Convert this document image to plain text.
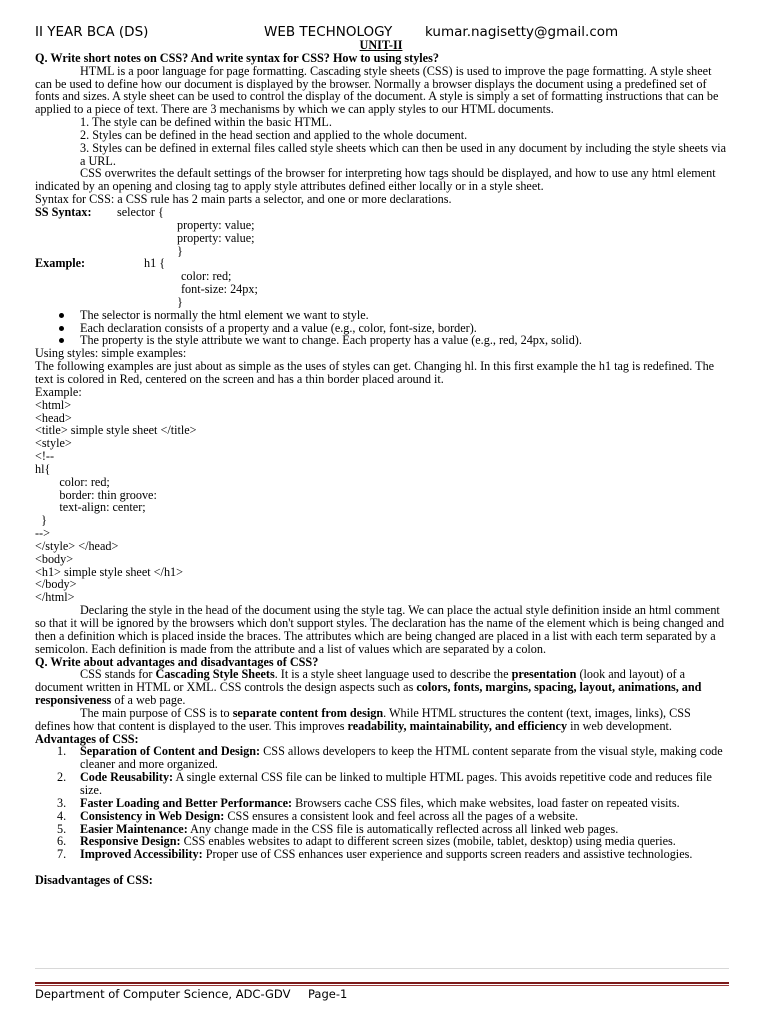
II YEAR BCA (DS)	WEB TECHNOLOGY kumar.nagisetty@gmail.com

UNIT-II

Q. Write short notes on CSS? And write syntax for CSS? How to using styles?

HTML is a poor language for page formatting. Cascading style sheets (CSS) is used to improve the page formatting. A style sheet can be used to define how our document is displayed by the browser. Normally a browser displays the document using a predefined set of fonts and sizes. A style sheet can be used to control the display of the document. A style is simply a set of formatting instructions that can be applied to a piece of text. There are 3 mechanisms by which we can apply styles to our HTML documents.

1. The style can be defined within the basic HTML.

2. Styles can be defined in the head section and applied to the whole document.

3. Styles can be defined in external files called style sheets which can then be used in any document by including the style sheets via a URL.

CSS overwrites the default settings of the browser for interpreting how tags should be displayed, and how to use any html element indicated by an opening and closing tag to apply style attributes defined either locally or in a style sheet.

Syntax for CSS: a CSS rule has 2 main parts a selector, and one or more declarations.

SS Syntax: selector {
property: value;
property: value;
}
Example:	h1 {
color: red;
font-size: 24px;
}
The selector is normally the html element we want to style.
Each declaration consists of a property and a value (e.g., color, font-size, border).
The property is the style attribute we want to change. Each property has a value (e.g., red, 24px, solid).

Using styles: simple examples:

The following examples are just about as simple as the uses of styles can get. Changing hl. In this first example the h1 tag is redefined. The text is colored in Red, centered on the screen and has a thin border placed around it.

Example:

<html>
<head>
<title> simple style sheet </title>
<style>
<!--
hl{
color: red;
border: thin groove:
text-align: center;
}
-->
</style> </head>
<body>
<h1> simple style sheet </h1>
</body>
</html>

Declaring the style in the head of the document using the style tag. We can place the actual style definition inside an html comment so that it will be ignored by the browsers which don't support styles. The declaration has the name of the element which is being changed and then a definition which is placed inside the braces. The attributes which are being changed are placed in a list with each term separated by a semicolon. Each definition is made from the attribute and a list of values which are separated by a colon.

Q. Write about advantages and disadvantages of CSS?

CSS stands for Cascading Style Sheets. It is a style sheet language used to describe the presentation (look and layout) of a document written in HTML or XML. CSS controls the design aspects such as colors, fonts, margins, spacing, layout, animations, and responsiveness of a web page.

The main purpose of CSS is to separate content from design. While HTML structures the content (text, images, links), CSS defines how that content is displayed to the user. This improves readability, maintainability, and efficiency in web development.

Advantages of CSS:

1. Separation of Content and Design: CSS allows developers to keep the HTML content separate from the visual style, making code cleaner and more organized.
2. Code Reusability: A single external CSS file can be linked to multiple HTML pages. This avoids repetitive code and reduces file size.
3. Faster Loading and Better Performance: Browsers cache CSS files, which make websites, load faster on repeated visits.
4. Consistency in Web Design: CSS ensures a consistent look and feel across all the pages of a website.
5. Easier Maintenance: Any change made in the CSS file is automatically reflected across all linked web pages.
6. Responsive Design: CSS enables websites to adapt to different screen sizes (mobile, tablet, desktop) using media queries.
7. Improved Accessibility: Proper use of CSS enhances user experience and supports screen readers and assistive technologies.

Disadvantages of CSS:

Department of Computer Science, ADC-GDV Page-1
